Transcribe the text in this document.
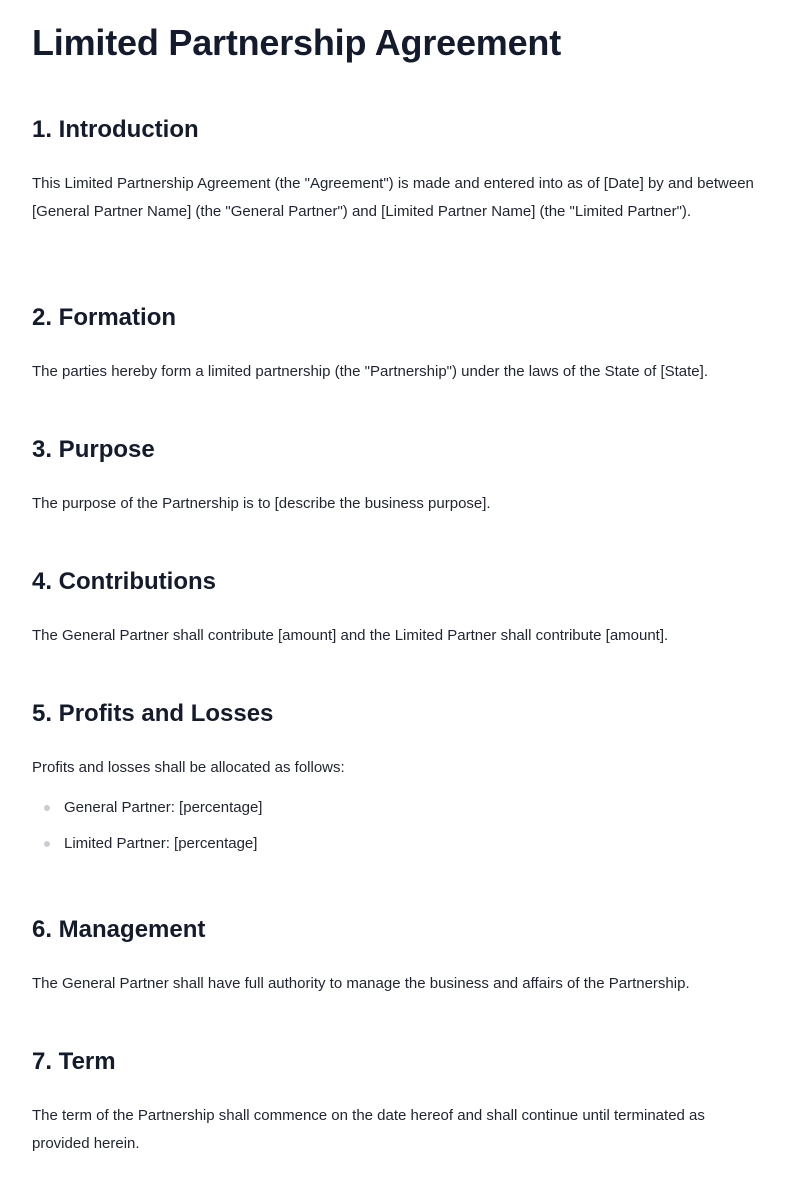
Limited Partnership Agreement
1. Introduction

This Limited Partnership Agreement (the "Agreement") is made and entered into as of [Date] by and between [General Partner Name] (the "General Partner") and [Limited Partner Name] (the "Limited Partner").

2. Formation

The parties hereby form a limited partnership (the "Partnership") under the laws of the State of [State].

3. Purpose

The purpose of the Partnership is to [describe the business purpose].

4. Contributions

The General Partner shall contribute [amount] and the Limited Partner shall contribute [amount].

5. Profits and Losses

Profits and losses shall be allocated as follows:

General Partner: [percentage]
Limited Partner: [percentage]
6. Management

The General Partner shall have full authority to manage the business and affairs of the Partnership.

7. Term

The term of the Partnership shall commence on the date hereof and shall continue until terminated as provided herein.
